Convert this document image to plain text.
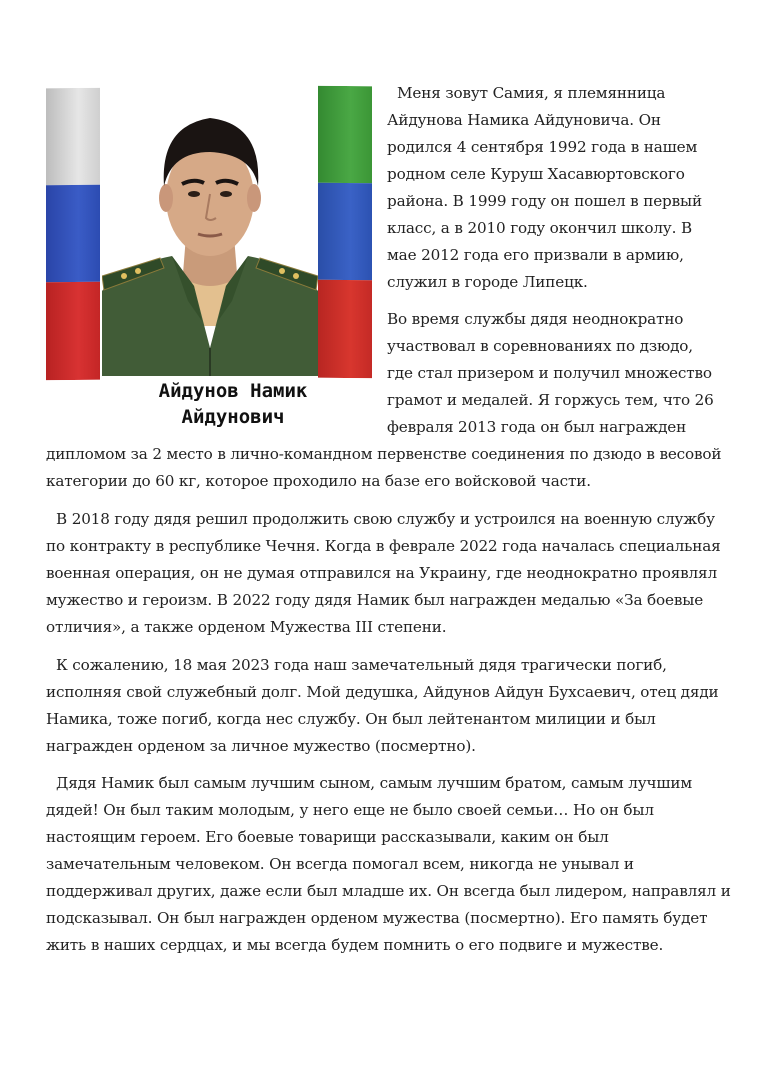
Айдунов Намик
Айдунович
Меня зовут Самия, я племянница
Айдунова Намика Айдуновича. Он
родился 4 сентября 1992 года в нашем
родном селе Куруш Хасавюртовского
района. В 1999 году он пошел в первый
класс, а в 2010 году окончил школу. В
мае 2012 года его призвали в армию,
служил в городе Липецк.
Во время службы дядя неоднократно
участвовал в соревнованиях по дзюдо,
где стал призером и получил множество
грамот и медалей. Я горжусь тем, что 26
февраля 2013 года он был награжден
дипломом за 2 место в лично-командном первенстве соединения по дзюдо в весовой
категории до 60 кг, которое проходило на базе его войсковой части.
В 2018 году дядя решил продолжить свою службу и устроился на военную службу
по контракту в республике Чечня. Когда в феврале 2022 года началась специальная
военная операция, он не думая отправился на Украину, где неоднократно проявлял
мужество и героизм. В 2022 году дядя Намик был награжден медалью «За боевые
отличия», а также орденом Мужества III степени.
К сожалению, 18 мая 2023 года наш замечательный дядя трагически погиб,
исполняя свой служебный долг. Мой дедушка, Айдунов Айдун Бухсаевич, отец дяди
Намика, тоже погиб, когда нес службу. Он был лейтенантом милиции и был
награжден орденом за личное мужество (посмертно).
Дядя Намик был самым лучшим сыном, самым лучшим братом, самым лучшим
дядей! Он был таким молодым, у него еще не было своей семьи… Но он был
настоящим героем. Его боевые товарищи рассказывали, каким он был
замечательным человеком. Он всегда помогал всем, никогда не унывал и
поддерживал других, даже если был младше их. Он всегда был лидером, направлял и
подсказывал. Он был награжден орденом мужества (посмертно). Его память будет
жить в наших сердцах, и мы всегда будем помнить о его подвиге и мужестве.
